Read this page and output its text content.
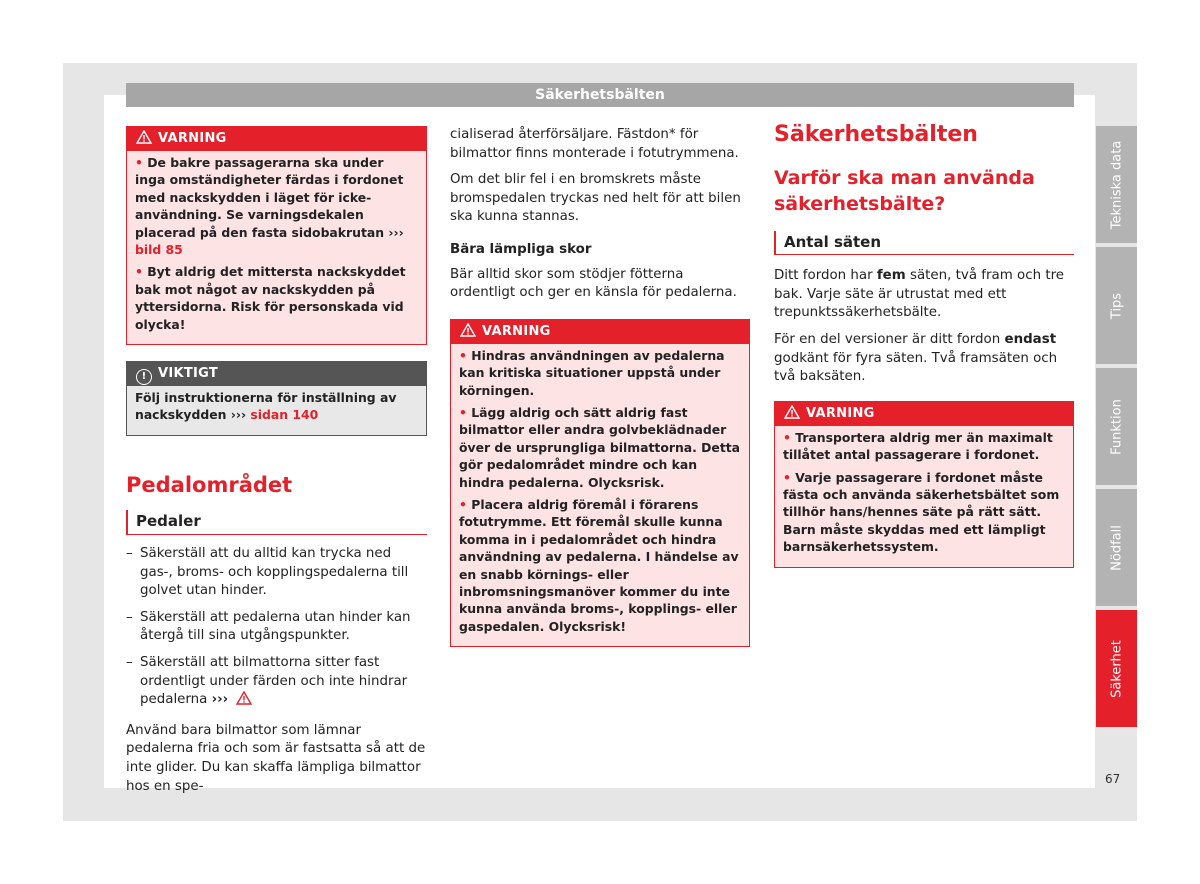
Säkerhetsbälten
VARNING
• De bakre passagerarna ska under inga omständigheter färdas i fordonet med nackskydden i läget för icke-användning. Se varningsdekalen placerad på den fasta sidobakrutan ››› bild 85
• Byt aldrig det mittersta nackskyddet bak mot något av nackskydden på yttersidorna. Risk för personskada vid olycka!
! VIKTIGT
Följ instruktionerna för inställning av nackskydden ››› sidan 140
Pedalområdet
Pedaler
– Säkerställ att du alltid kan trycka ned gas-, broms- och kopplingspedalerna till golvet utan hinder.
– Säkerställ att pedalerna utan hinder kan återgå till sina utgångspunkter.
– Säkerställ att bilmattorna sitter fast ordentligt under färden och inte hindrar pedalerna ›››

Använd bara bilmattor som lämnar pedalerna fria och som är fastsatta så att de inte glider. Du kan skaffa lämpliga bilmattor hos en spe-

cialiserad återförsäljare. Fästdon* för bilmattor finns monterade i fotutrymmena.

Om det blir fel i en bromskrets måste bromspedalen tryckas ned helt för att bilen ska kunna stannas.

Bära lämpliga skor

Bär alltid skor som stödjer fötterna ordentligt och ger en känsla för pedalerna.

VARNING
• Hindras användningen av pedalerna kan kritiska situationer uppstå under körningen.
• Lägg aldrig och sätt aldrig fast bilmattor eller andra golvbeklädnader över de ursprungliga bilmattorna. Detta gör pedalområdet mindre och kan hindra pedalerna. Olycksrisk.
• Placera aldrig föremål i förarens fotutrymme. Ett föremål skulle kunna komma in i pedalområdet och hindra användning av pedalerna. I händelse av en snabb körnings- eller inbromsningsmanöver kommer du inte kunna använda broms-, kopplings- eller gaspedalen. Olycksrisk!
Säkerhetsbälten
Varför ska man använda säkerhetsbälte?
Antal säten

Ditt fordon har fem säten, två fram och tre bak. Varje säte är utrustat med ett trepunktssäkerhetsbälte.

För en del versioner är ditt fordon endast godkänt för fyra säten. Två framsäten och två baksäten.

VARNING
• Transportera aldrig mer än maximalt tillåtet antal passagerare i fordonet.
• Varje passagerare i fordonet måste fästa och använda säkerhetsbältet som tillhör hans/hennes säte på rätt sätt. Barn måste skyddas med ett lämpligt barnsäkerhetssystem.
Tekniska data
Tips
Funktion
Nödfall
Säkerhet
67
